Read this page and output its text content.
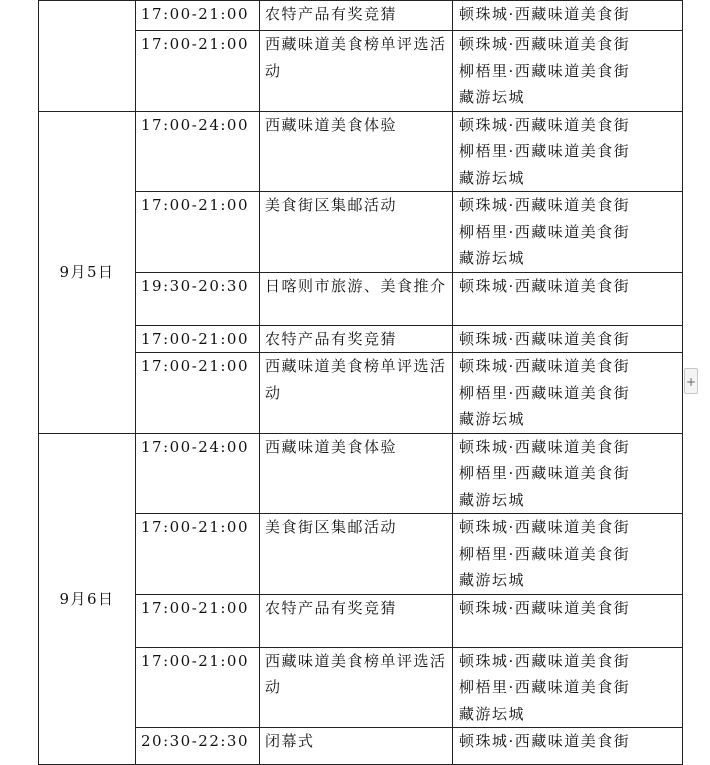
	17:00-21:00	农特产品有奖竞猜	顿珠城·西藏味道美食街

	17:00-21:00	西藏味道美食榜单评选活动	顿珠城·西藏味道美食街
柳梧里·西藏味道美食街
藏游坛城

9月5日	17:00-24:00	西藏味道美食体验	顿珠城·西藏味道美食街
柳梧里·西藏味道美食街
藏游坛城

	17:00-21:00	美食街区集邮活动	顿珠城·西藏味道美食街
柳梧里·西藏味道美食街
藏游坛城

	19:30-20:30	日喀则市旅游、美食推介	顿珠城·西藏味道美食街

	17:00-21:00	农特产品有奖竞猜	顿珠城·西藏味道美食街

	17:00-21:00	西藏味道美食榜单评选活动	顿珠城·西藏味道美食街
柳梧里·西藏味道美食街
藏游坛城

9月6日	17:00-24:00	西藏味道美食体验	顿珠城·西藏味道美食街
柳梧里·西藏味道美食街
藏游坛城

	17:00-21:00	美食街区集邮活动	顿珠城·西藏味道美食街
柳梧里·西藏味道美食街
藏游坛城

	17:00-21:00	农特产品有奖竞猜	顿珠城·西藏味道美食街

	17:00-21:00	西藏味道美食榜单评选活动	顿珠城·西藏味道美食街
柳梧里·西藏味道美食街
藏游坛城

	20:30-22:30	闭幕式	顿珠城·西藏味道美食街
+
